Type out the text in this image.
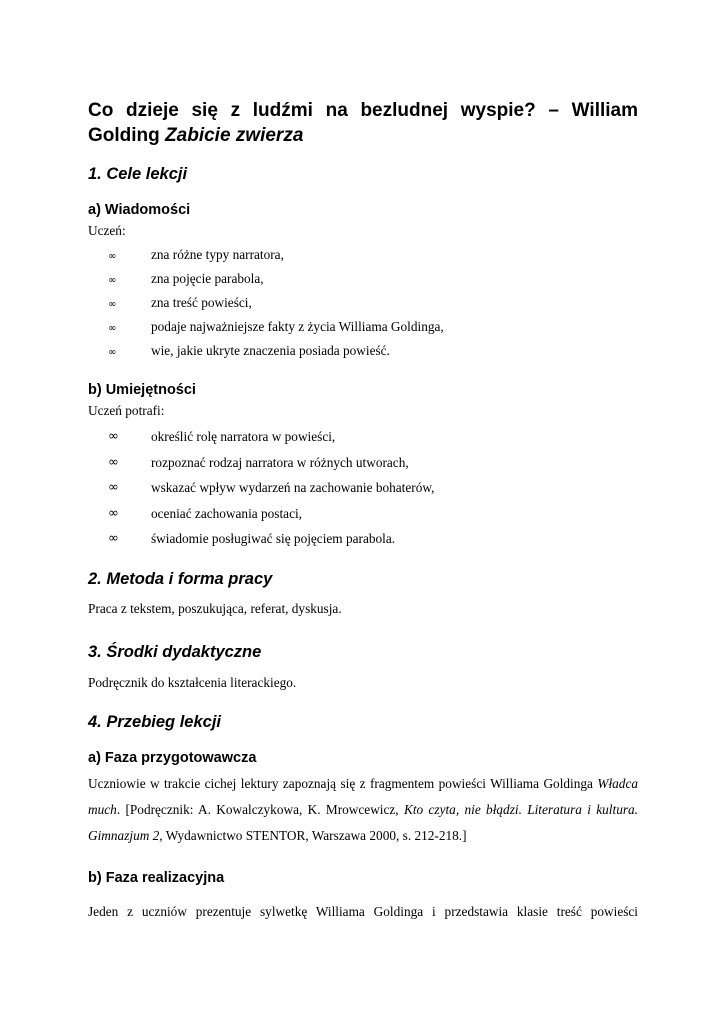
Co dzieje się z ludźmi na bezludnej wyspie? – William Golding Zabicie zwierza
1. Cele lekcji
a) Wiadomości

Uczeń:

∞	zna różne typy narratora,
∞	zna pojęcie parabola,
∞	zna treść powieści,
∞	podaje najważniejsze fakty z życia Williama Goldinga,
∞	wie, jakie ukryte znaczenia posiada powieść.
b) Umiejętności

Uczeń potrafi:

∞ określić rolę narratora w powieści,
∞ rozpoznać rodzaj narratora w różnych utworach,
∞ wskazać wpływ wydarzeń na zachowanie bohaterów,
∞ oceniać zachowania postaci,
∞ świadomie posługiwać się pojęciem parabola.
2. Metoda i forma pracy

Praca z tekstem, poszukująca, referat, dyskusja.

3. Środki dydaktyczne

Podręcznik do kształcenia literackiego.

4. Przebieg lekcji
a) Faza przygotowawcza

Uczniowie w trakcie cichej lektury zapoznają się z fragmentem powieści Williama Goldinga Władca much. [Podręcznik: A. Kowalczykowa, K. Mrowcewicz, Kto czyta, nie błądzi. Literatura i kultura. Gimnazjum 2, Wydawnictwo STENTOR, Warszawa 2000, s. 212-218.]

b) Faza realizacyjna

Jeden z uczniów prezentuje sylwetkę Williama Goldinga i przedstawia klasie treść powieści
